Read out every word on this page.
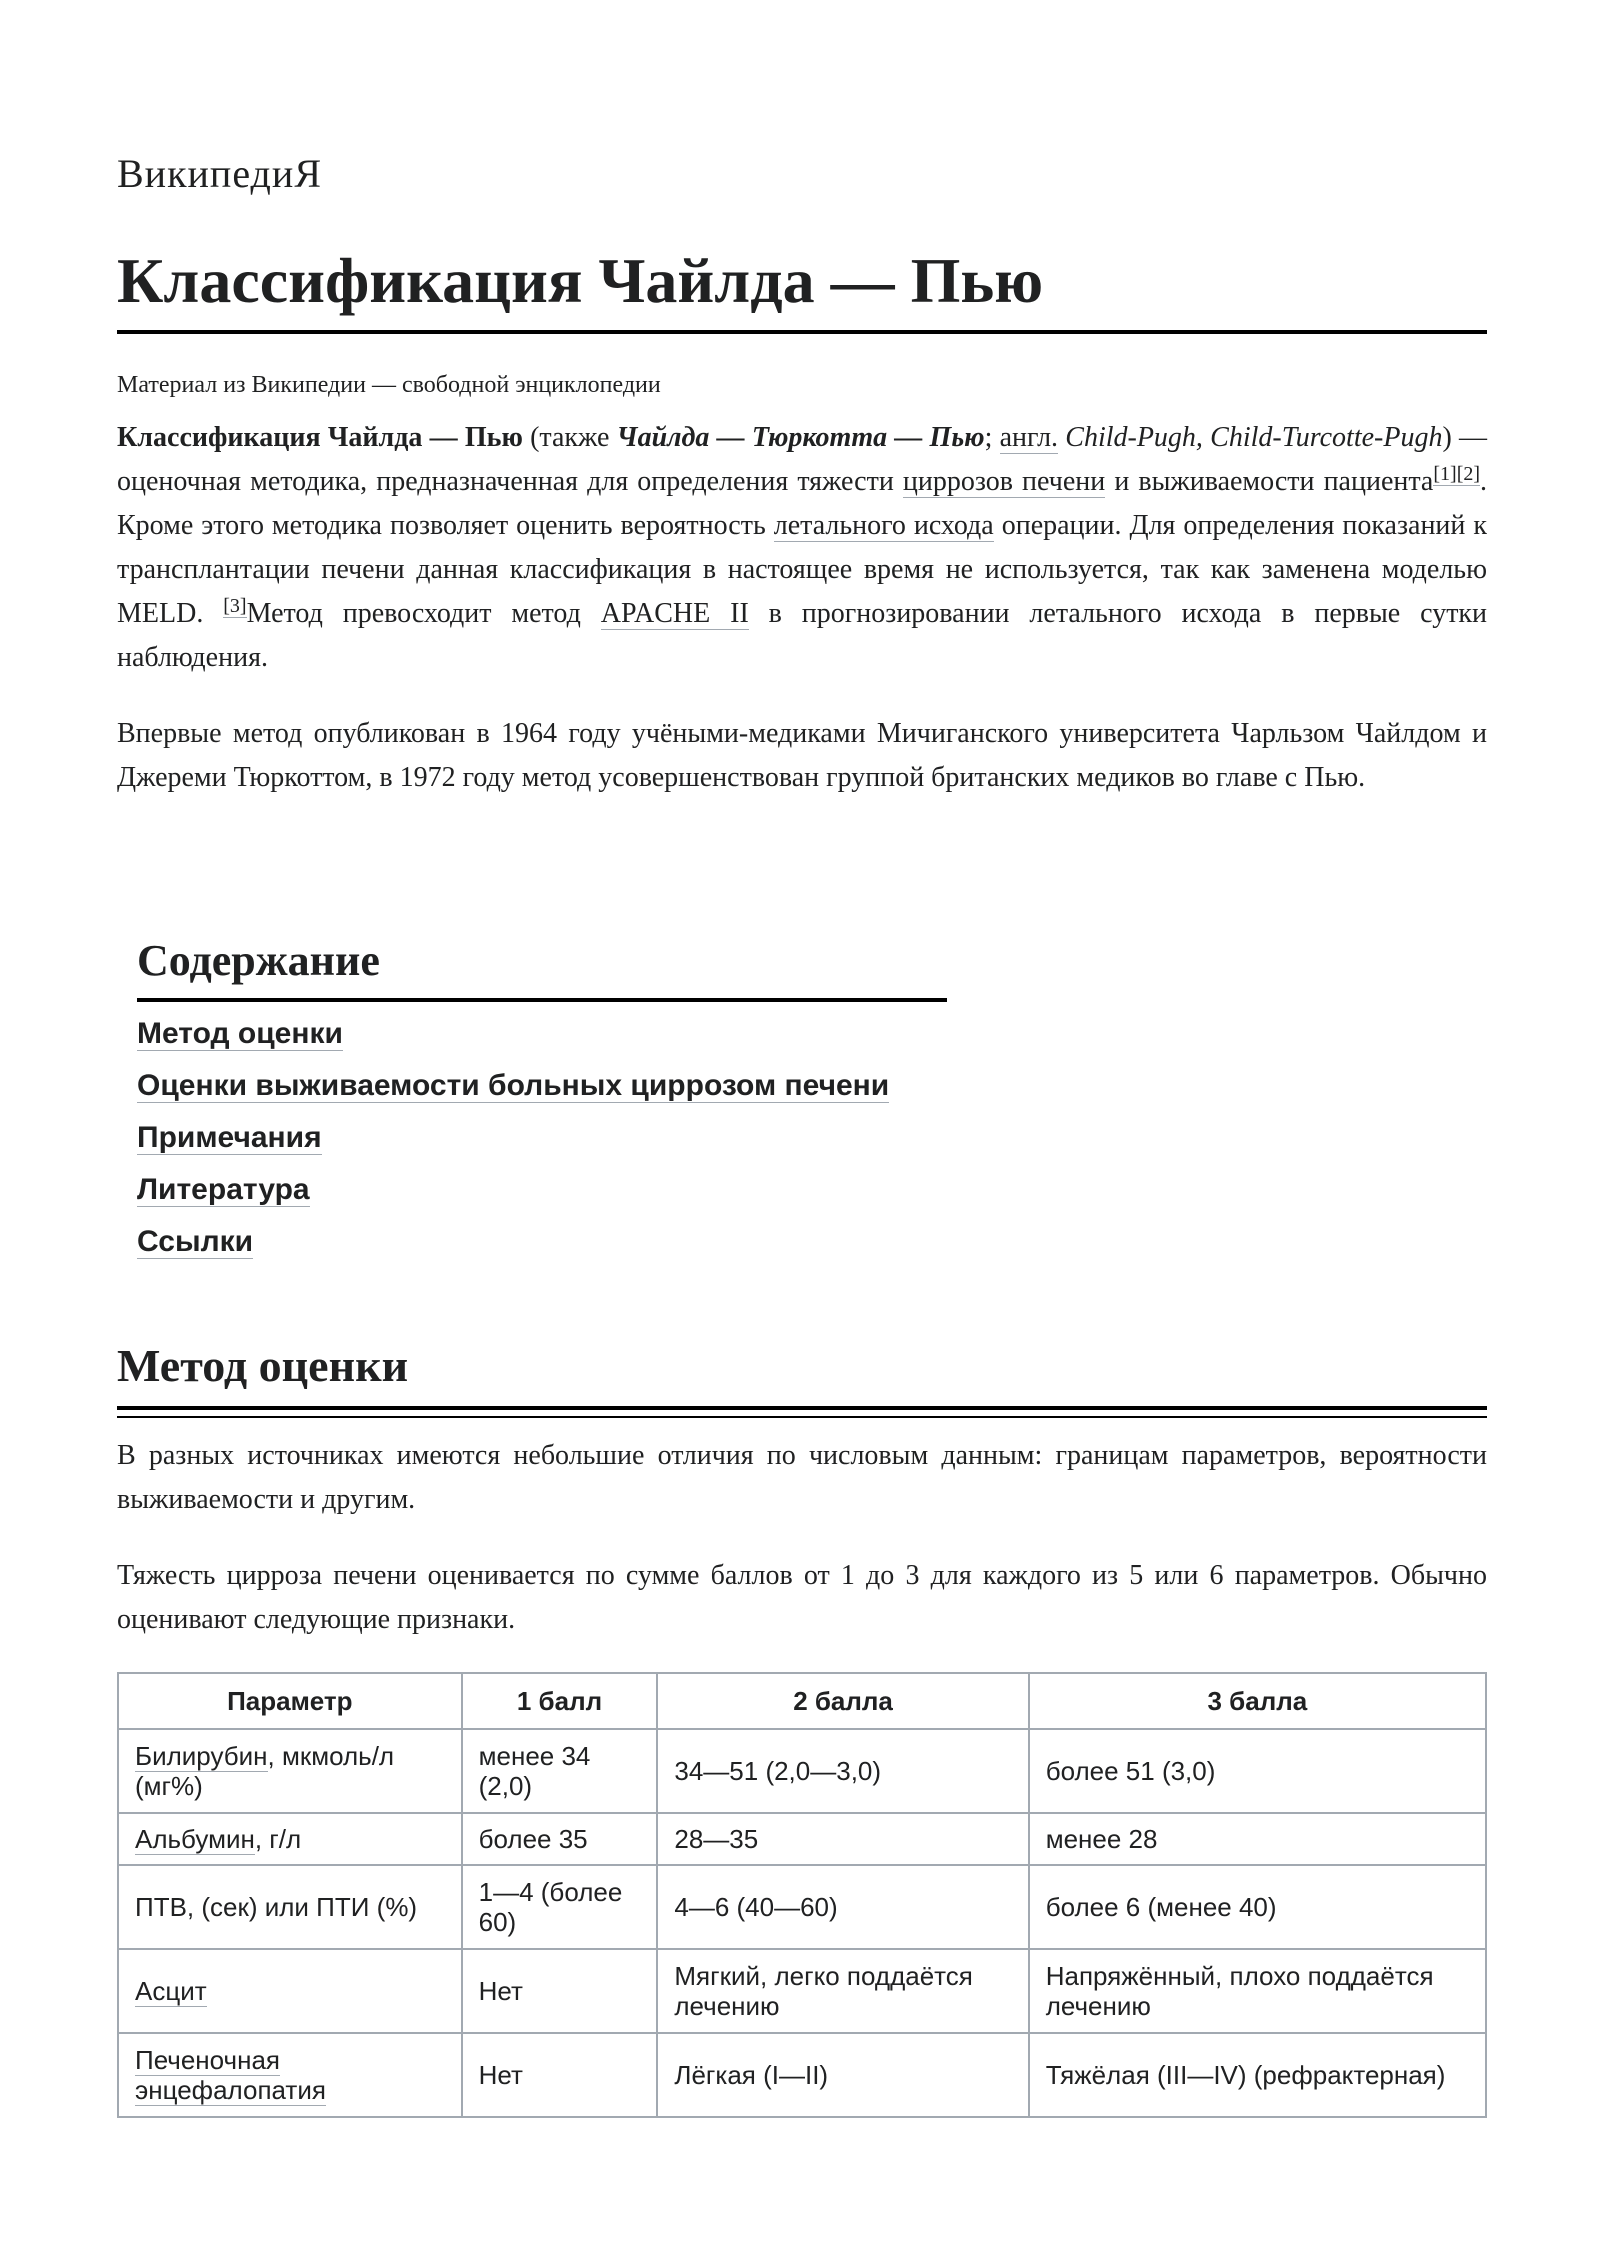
ВикипедиЯ
Классификация Чайлда — Пью
Материал из Википедии — свободной энциклопедии

Классификация Чайлда — Пью (также Чайлда — Тюркотта — Пью; англ. Child-Pugh, Child-Turcotte-Pugh) — оценочная методика, предназначенная для определения тяжести циррозов печени и выживаемости пациента[1][2]. Кроме этого методика позволяет оценить вероятность летального исхода операции. Для определения показаний к трансплантации печени данная классификация в настоящее время не используется, так как заменена моделью MELD. [3]Метод превосходит метод APACHE II в прогнозировании летального исхода в первые сутки наблюдения.

Впервые метод опубликован в 1964 году учёными-медиками Мичиганского университета Чарльзом Чайлдом и Джереми Тюркоттом, в 1972 году метод усовершенствован группой британских медиков во главе с Пью.

Содержание
Метод оценки
Оценки выживаемости больных циррозом печени
Примечания
Литература
Ссылки
Метод оценки

В разных источниках имеются небольшие отличия по числовым данным: границам параметров, вероятности выживаемости и другим.

Тяжесть цирроза печени оценивается по сумме баллов от 1 до 3 для каждого из 5 или 6 параметров. Обычно оценивают следующие признаки.

Параметр	1 балл	2 балла	3 балла
Билирубин, мкмоль/л (мг%)	менее 34 (2,0)	34—51 (2,0—3,0)	более 51 (3,0)
Альбумин, г/л	более 35	28—35	менее 28
ПТВ, (сек) или ПТИ (%)	1—4 (более 60)	4—6 (40—60)	более 6 (менее 40)
Асцит	Нет	Мягкий, легко поддаётся лечению	Напряжённый, плохо поддаётся лечению
Печеночная энцефалопатия	Нет	Лёгкая (I—II)	Тяжёлая (III—IV) (рефрактерная)
